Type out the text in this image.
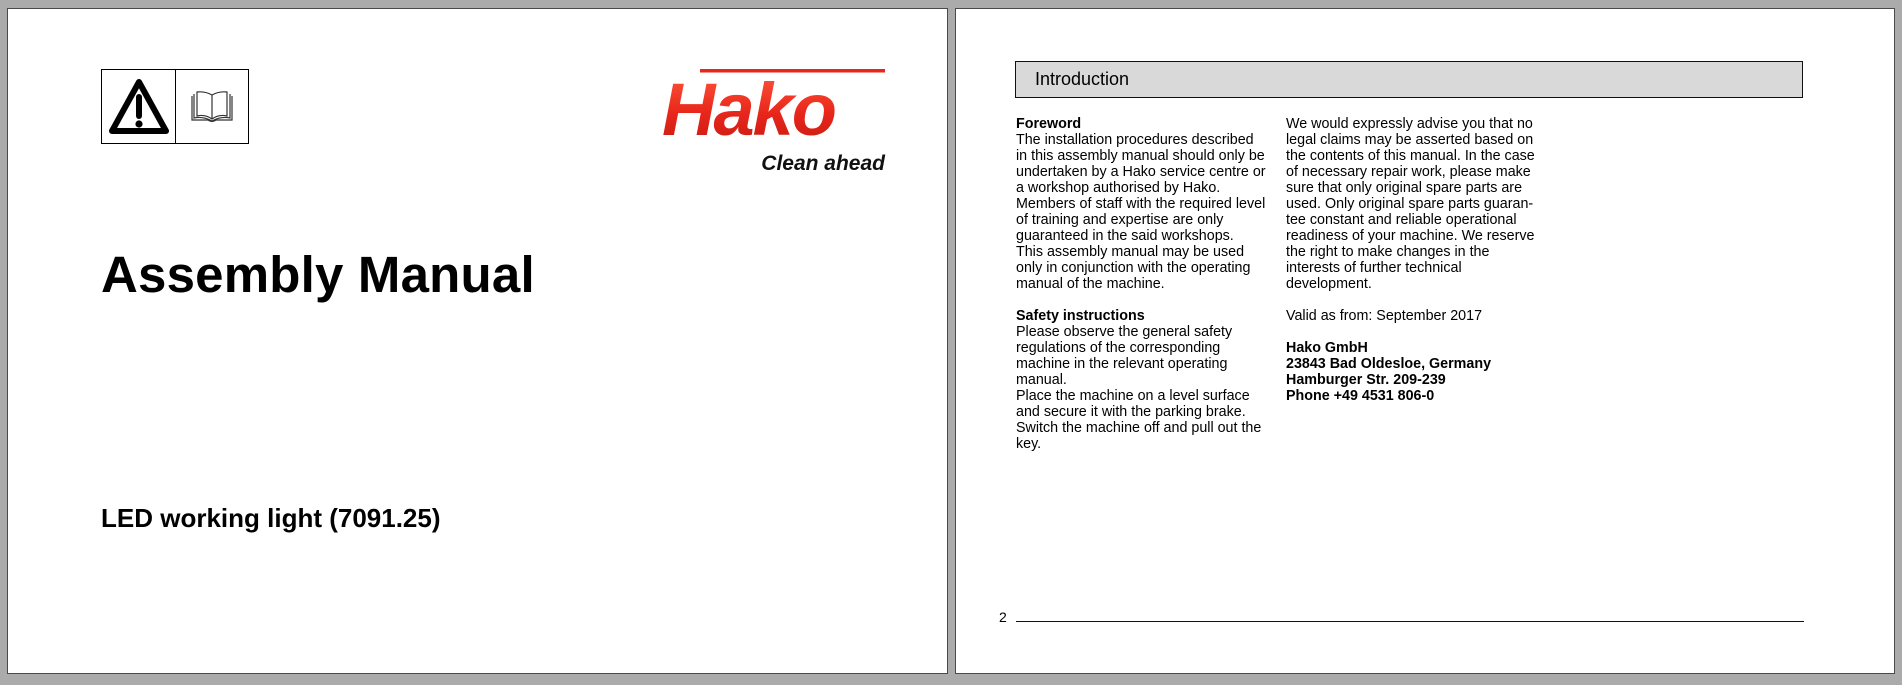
Hako
Clean ahead
Assembly Manual
LED working light (7091.25)
Introduction

Foreword

The installation procedures described

in this assembly manual should only be

undertaken by a Hako service centre or

a workshop authorised by Hako.

Members of staff with the required level

of training and expertise are only

guaranteed in the said workshops.

This assembly manual may be used

only in conjunction with the operating

manual of the machine.

Safety instructions

Please observe the general safety

regulations of the corresponding

machine in the relevant operating

manual.

Place the machine on a level surface

and secure it with the parking brake.

Switch the machine off and pull out the

key.

We would expressly advise you that no

legal claims may be asserted based on

the contents of this manual. In the case

of necessary repair work, please make

sure that only original spare parts are

used. Only original spare parts guaran-

tee constant and reliable operational

readiness of your machine. We reserve

the right to make changes in the

interests of further technical

development.

Valid as from: September 2017

Hako GmbH

23843 Bad Oldesloe, Germany

Hamburger Str. 209-239

Phone +49 4531 806-0

2
